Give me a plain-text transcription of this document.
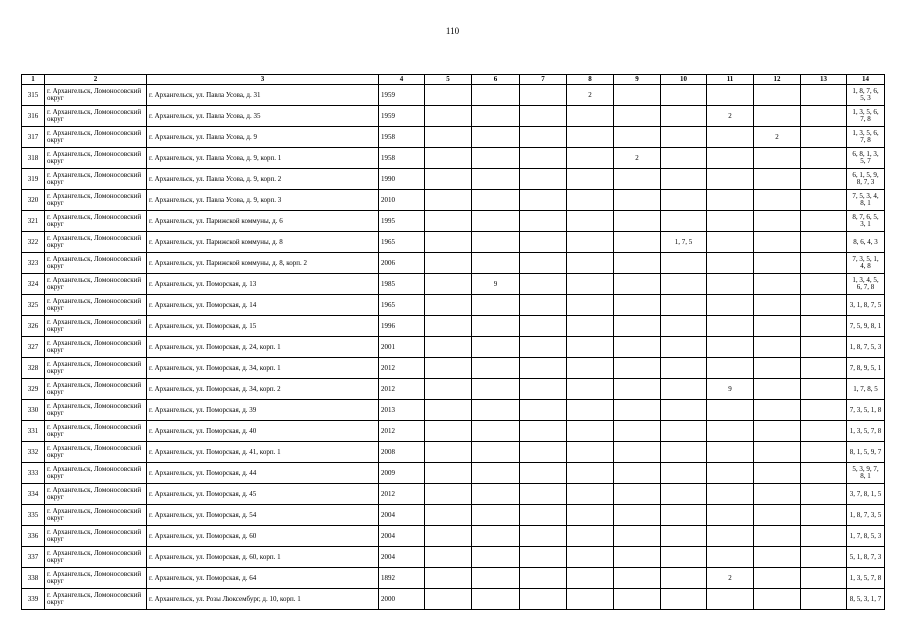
110
1	2	3	4	5	6	7	8	9	10	11	12	13	14
315	г. Архангельск, Ломоносовский округ	г. Архангельск, ул. Павла Усова, д. 31	1959				2						1, 8, 7, 6, 5, 3
316	г. Архангельск, Ломоносовский округ	г. Архангельск, ул. Павла Усова, д. 35	1959							2			1, 3, 5, 6, 7, 8
317	г. Архангельск, Ломоносовский округ	г. Архангельск, ул. Павла Усова, д. 9	1958								2		1, 3, 5, 6, 7, 8
318	г. Архангельск, Ломоносовский округ	г. Архангельск, ул. Павла Усова, д. 9, корп. 1	1958					2					6, 8, 1, 3, 5, 7
319	г. Архангельск, Ломоносовский округ	г. Архангельск, ул. Павла Усова, д. 9, корп. 2	1990										6, 1, 5, 9, 8, 7, 3
320	г. Архангельск, Ломоносовский округ	г. Архангельск, ул. Павла Усова, д. 9, корп. 3	2010										7, 5, 3, 4, 8, 1
321	г. Архангельск, Ломоносовский округ	г. Архангельск, ул. Парижской коммуны, д. 6	1995										8, 7, 6, 5, 3, 1
322	г. Архангельск, Ломоносовский округ	г. Архангельск, ул. Парижской коммуны, д. 8	1965						1, 7, 5				8, 6, 4, 3
323	г. Архангельск, Ломоносовский округ	г. Архангельск, ул. Парижской коммуны, д. 8, корп. 2	2006										7, 3, 5, 1, 4, 8
324	г. Архангельск, Ломоносовский округ	г. Архангельск, ул. Поморская, д. 13	1985		9								1, 3, 4, 5, 6, 7, 8
325	г. Архангельск, Ломоносовский округ	г. Архангельск, ул. Поморская, д. 14	1965										3, 1, 8, 7, 5
326	г. Архангельск, Ломоносовский округ	г. Архангельск, ул. Поморская, д. 15	1996										7, 5, 9, 8, 1
327	г. Архангельск, Ломоносовский округ	г. Архангельск, ул. Поморская, д. 24, корп. 1	2001										1, 8, 7, 5, 3
328	г. Архангельск, Ломоносовский округ	г. Архангельск, ул. Поморская, д. 34, корп. 1	2012										7, 8, 9, 5, 1
329	г. Архангельск, Ломоносовский округ	г. Архангельск, ул. Поморская, д. 34, корп. 2	2012							9			1, 7, 8, 5
330	г. Архангельск, Ломоносовский округ	г. Архангельск, ул. Поморская, д. 39	2013										7, 3, 5, 1, 8
331	г. Архангельск, Ломоносовский округ	г. Архангельск, ул. Поморская, д. 40	2012										1, 3, 5, 7, 8
332	г. Архангельск, Ломоносовский округ	г. Архангельск, ул. Поморская, д. 41, корп. 1	2008										8, 1, 5, 9, 7
333	г. Архангельск, Ломоносовский округ	г. Архангельск, ул. Поморская, д. 44	2009										5, 3, 9, 7, 8, 1
334	г. Архангельск, Ломоносовский округ	г. Архангельск, ул. Поморская, д. 45	2012										3, 7, 8, 1, 5
335	г. Архангельск, Ломоносовский округ	г. Архангельск, ул. Поморская, д. 54	2004										1, 8, 7, 3, 5
336	г. Архангельск, Ломоносовский округ	г. Архангельск, ул. Поморская, д. 60	2004										1, 7, 8, 5, 3
337	г. Архангельск, Ломоносовский округ	г. Архангельск, ул. Поморская, д. 60, корп. 1	2004										5, 1, 8, 7, 3
338	г. Архангельск, Ломоносовский округ	г. Архангельск, ул. Поморская, д. 64	1892							2			1, 3, 5, 7, 8
339	г. Архангельск, Ломоносовский округ	г. Архангельск, ул. Розы Люксембург, д. 10, корп. 1	2000										8, 5, 3, 1, 7
